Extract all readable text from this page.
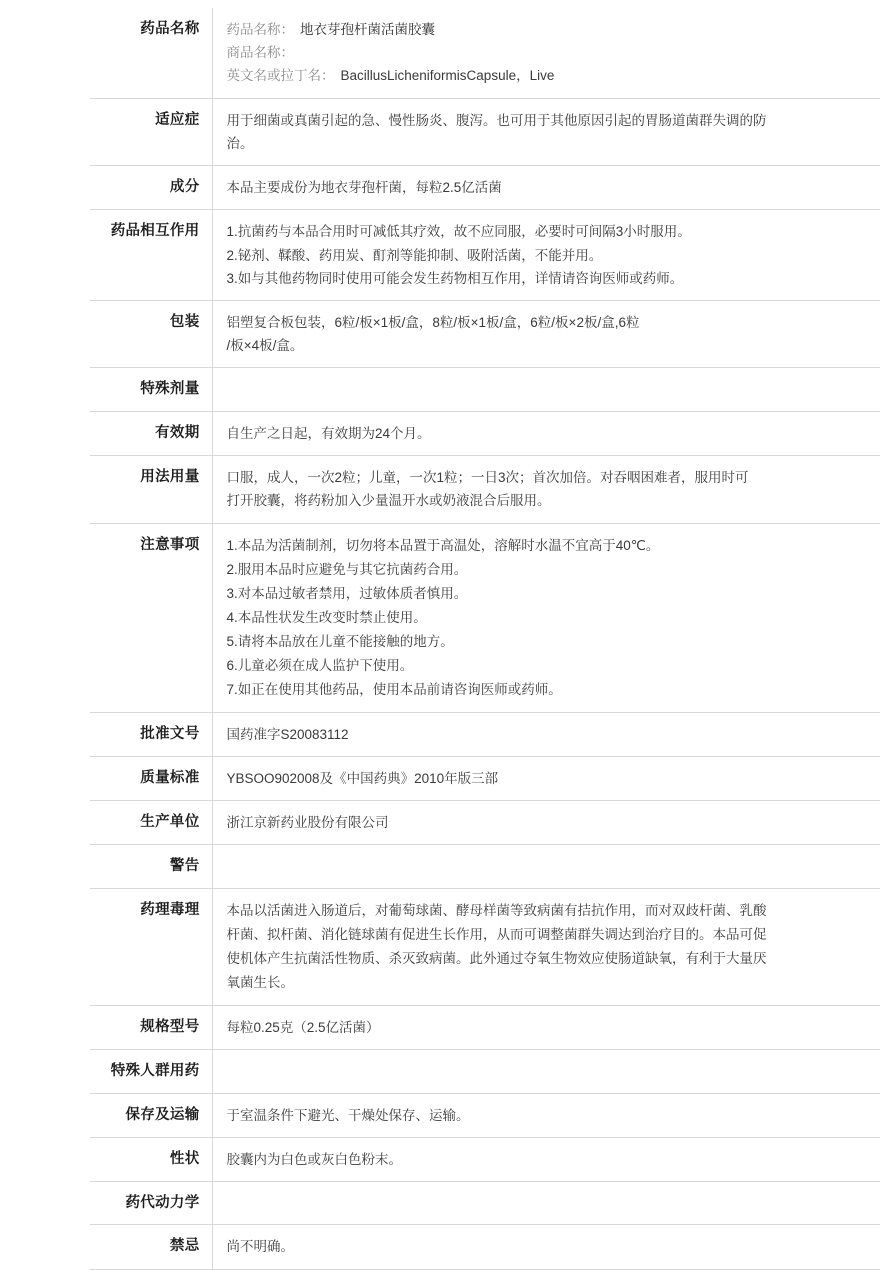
药品名称	药品名称： 地衣芽孢杆菌活菌胶囊
商品名称：
英文名或拉丁名： BacillusLicheniformisCapsule，Live

适应症	用于细菌或真菌引起的急、慢性肠炎、腹泻。也可用于其他原因引起的胃肠道菌群失调的防
治。

成分	本品主要成份为地衣芽孢杆菌，每粒2.5亿活菌

药品相互作用	1.抗菌药与本品合用时可减低其疗效，故不应同服，必要时可间隔3小时服用。
2.铋剂、鞣酸、药用炭、酊剂等能抑制、吸附活菌，不能并用。
3.如与其他药物同时使用可能会发生药物相互作用，详情请咨询医师或药师。

包装	铝塑复合板包装，6粒/板×1板/盒，8粒/板×1板/盒，6粒/板×2板/盒,6粒
/板×4板/盒。

特殊剂量	

有效期	自生产之日起，有效期为24个月。

用法用量	口服，成人，一次2粒；儿童，一次1粒；一日3次；首次加倍。对吞咽困难者，服用时可
打开胶囊，将药粉加入少量温开水或奶液混合后服用。

注意事项	1.本品为活菌制剂，切勿将本品置于高温处，溶解时水温不宜高于40℃。
2.服用本品时应避免与其它抗菌药合用。
3.对本品过敏者禁用，过敏体质者慎用。
4.本品性状发生改变时禁止使用。
5.请将本品放在儿童不能接触的地方。
6.儿童必须在成人监护下使用。
7.如正在使用其他药品，使用本品前请咨询医师或药师。

批准文号	国药准字S20083112

质量标准	YBSOO902008及《中国药典》2010年版三部

生产单位	浙江京新药业股份有限公司

警告	

药理毒理	本品以活菌进入肠道后，对葡萄球菌、酵母样菌等致病菌有拮抗作用，而对双歧杆菌、乳酸
杆菌、拟杆菌、消化链球菌有促进生长作用，从而可调整菌群失调达到治疗目的。本品可促
使机体产生抗菌活性物质、杀灭致病菌。此外通过夺氧生物效应使肠道缺氧，有利于大量厌
氧菌生长。

规格型号	每粒0.25克（2.5亿活菌）

特殊人群用药	

保存及运输	于室温条件下避光、干燥处保存、运输。

性状	胶囊内为白色或灰白色粉末。

药代动力学	

禁忌	尚不明确。
